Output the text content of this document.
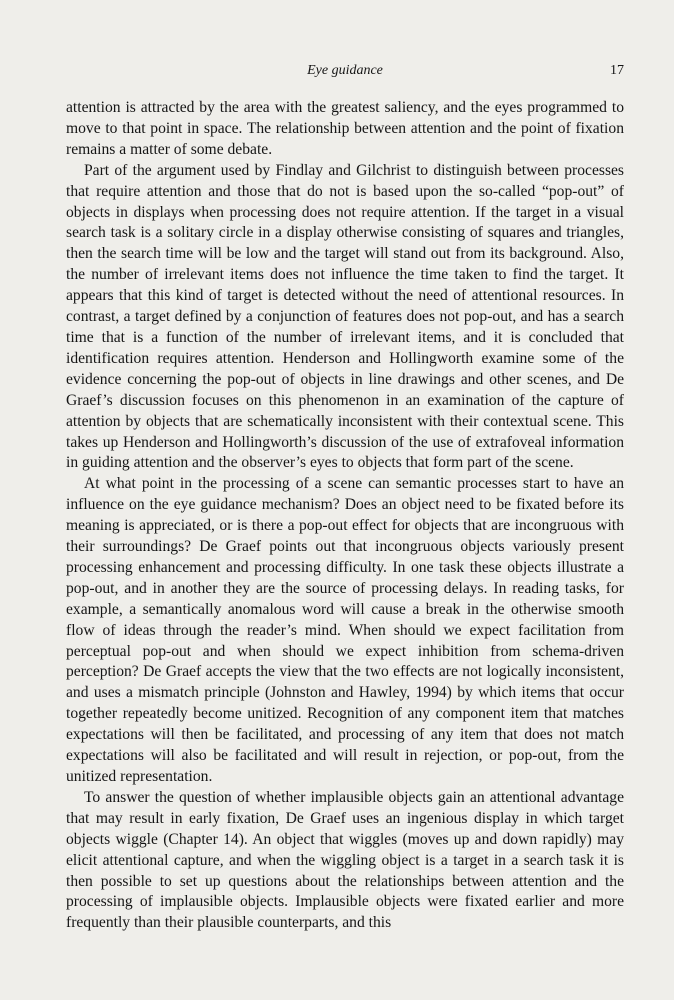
Eye guidance	17

attention is attracted by the area with the greatest saliency, and the eyes programmed to move to that point in space. The relationship between attention and the point of fixation remains a matter of some debate.

Part of the argument used by Findlay and Gilchrist to distinguish between processes that require attention and those that do not is based upon the so-called “pop-out” of objects in displays when processing does not require attention. If the target in a visual search task is a solitary circle in a display otherwise consisting of squares and triangles, then the search time will be low and the target will stand out from its background. Also, the number of irrelevant items does not influence the time taken to find the target. It appears that this kind of target is detected without the need of attentional resources. In contrast, a target defined by a conjunction of features does not pop-out, and has a search time that is a function of the number of irrelevant items, and it is concluded that identification requires attention. Henderson and Hollingworth examine some of the evidence concerning the pop-out of objects in line drawings and other scenes, and De Graef’s discussion focuses on this phenomenon in an examination of the capture of attention by objects that are schematically inconsistent with their contextual scene. This takes up Henderson and Hollingworth’s discussion of the use of extrafoveal information in guiding attention and the observer’s eyes to objects that form part of the scene.

At what point in the processing of a scene can semantic processes start to have an influence on the eye guidance mechanism? Does an object need to be fixated before its meaning is appreciated, or is there a pop-out effect for objects that are incongruous with their surroundings? De Graef points out that incongruous objects variously present processing enhancement and processing difficulty. In one task these objects illustrate a pop-out, and in another they are the source of processing delays. In reading tasks, for example, a semantically anomalous word will cause a break in the otherwise smooth flow of ideas through the reader’s mind. When should we expect facilitation from perceptual pop-out and when should we expect inhibition from schema-driven perception? De Graef accepts the view that the two effects are not logically inconsistent, and uses a mismatch principle (Johnston and Hawley, 1994) by which items that occur together repeatedly become unitized. Recognition of any component item that matches expectations will then be facilitated, and processing of any item that does not match expectations will also be facilitated and will result in rejection, or pop-out, from the unitized representation.

To answer the question of whether implausible objects gain an attentional advantage that may result in early fixation, De Graef uses an ingenious display in which target objects wiggle (Chapter 14). An object that wiggles (moves up and down rapidly) may elicit attentional capture, and when the wiggling object is a target in a search task it is then possible to set up questions about the relationships between attention and the processing of implausible objects. Implausible objects were fixated earlier and more frequently than their plausible counterparts, and this
